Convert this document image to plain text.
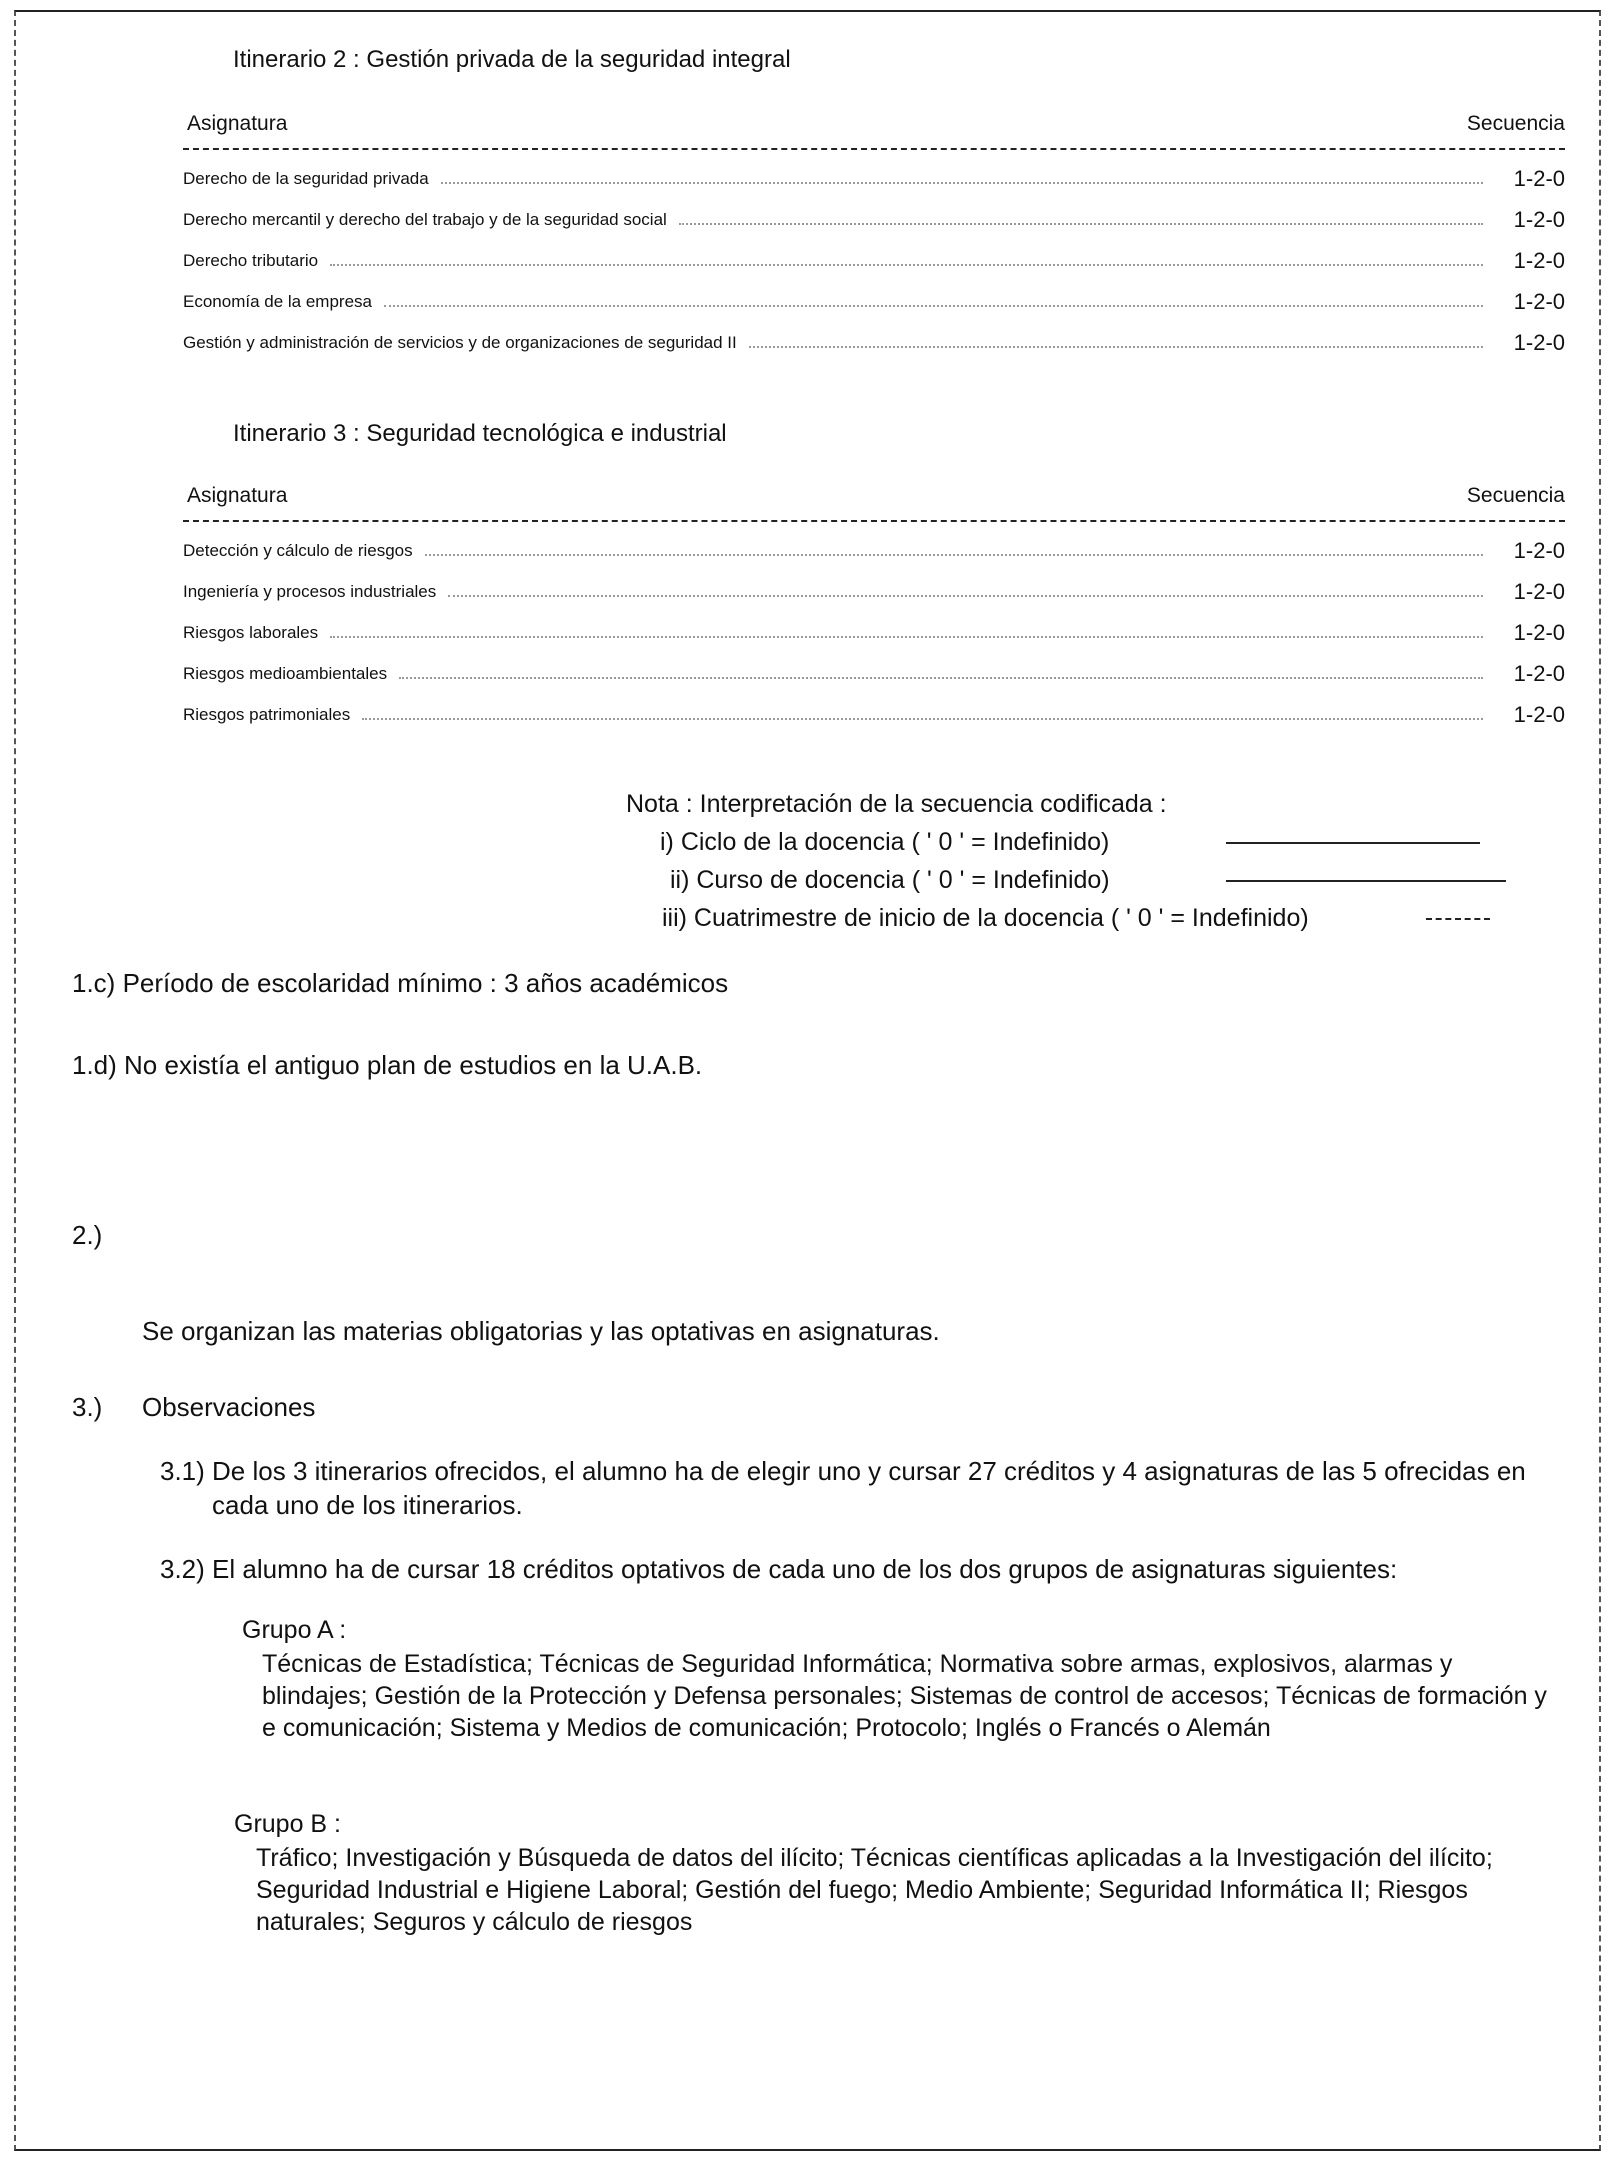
Itinerario 2 : Gestión privada de la seguridad integral
Asignatura	Secuencia
Derecho de la seguridad privada	1-2-0
Derecho mercantil y derecho del trabajo y de la seguridad social	1-2-0
Derecho tributario	1-2-0
Economía de la empresa	1-2-0
Gestión y administración de servicios y de organizaciones de seguridad II	1-2-0
Itinerario 3 : Seguridad tecnológica e industrial
Asignatura	Secuencia
Detección y cálculo de riesgos	1-2-0
Ingeniería y procesos industriales	1-2-0
Riesgos laborales	1-2-0
Riesgos medioambientales	1-2-0
Riesgos patrimoniales	1-2-0
Nota : Interpretación de la secuencia codificada :
i) Ciclo de la docencia ( ' 0 ' = Indefinido)
ii) Curso de docencia ( ' 0 ' = Indefinido)
iii) Cuatrimestre de inicio de la docencia ( ' 0 ' = Indefinido)
1.c) Período de escolaridad mínimo : 3 años académicos
1.d) No existía el antiguo plan de estudios en la U.A.B.
2.)
Se organizan las materias obligatorias y las optativas en asignaturas.
3.) Observaciones
3.1) De los 3 itinerarios ofrecidos, el alumno ha de elegir uno y cursar 27 créditos y 4 asignaturas de las 5 ofrecidas en cada uno de los itinerarios.
3.2) El alumno ha de cursar 18 créditos optativos de cada uno de los dos grupos de asignaturas siguientes:
Grupo A :
Técnicas de Estadística; Técnicas de Seguridad Informática; Normativa sobre armas, explosivos, alarmas y blindajes; Gestión de la Protección y Defensa personales; Sistemas de control de accesos; Técnicas de formación y e comunicación; Sistema y Medios de comunicación; Protocolo; Inglés o Francés o Alemán
Grupo B :
Tráfico; Investigación y Búsqueda de datos del ilícito; Técnicas científicas aplicadas a la Investigación del ilícito; Seguridad Industrial e Higiene Laboral; Gestión del fuego; Medio Ambiente; Seguridad Informática II; Riesgos naturales; Seguros y cálculo de riesgos
